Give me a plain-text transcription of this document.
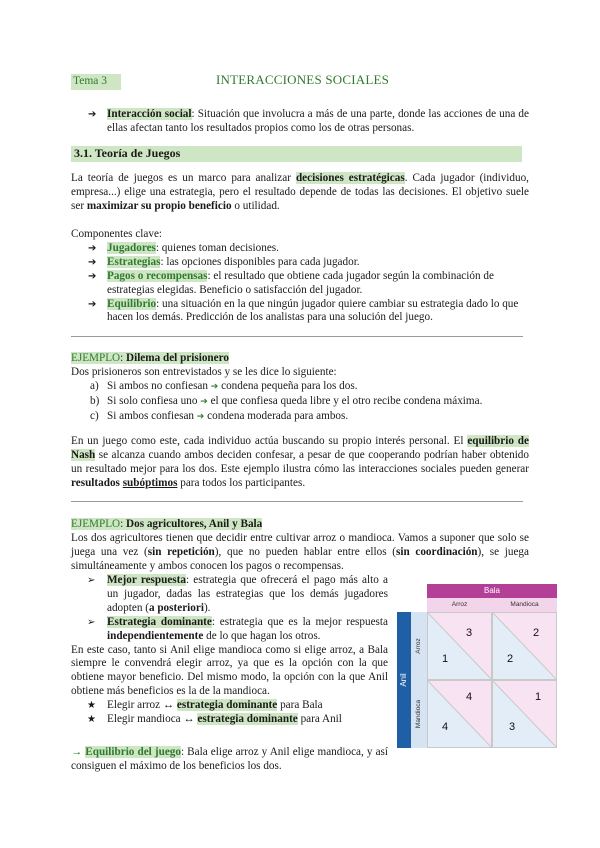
Tema 3	INTERACCIONES SOCIALES
➔ Interacción social: Situación que involucra a más de una parte, donde las acciones de una de ellas afectan tanto los resultados propios como los de otras personas.
3.1. Teoría de Juegos
La teoría de juegos es un marco para analizar decisiones estratégicas. Cada jugador (individuo, empresa...) elige una estrategia, pero el resultado depende de todas las decisiones. El objetivo suele ser maximizar su propio beneficio o utilidad.
Componentes clave:
➔ Jugadores: quienes toman decisiones.
➔ Estrategias: las opciones disponibles para cada jugador.
➔ Pagos o recompensas: el resultado que obtiene cada jugador según la combinación de estrategias elegidas. Beneficio o satisfacción del jugador.
➔ Equilibrio: una situación en la que ningún jugador quiere cambiar su estrategia dado lo que hacen los demás. Predicción de los analistas para una solución del juego.
EJEMPLO: Dilema del prisionero
Dos prisioneros son entrevistados y se les dice lo siguiente:
a) Si ambos no confiesan ➔ condena pequeña para los dos.
b) Si solo confiesa uno ➔ el que confiesa queda libre y el otro recibe condena máxima.
c) Si ambos confiesan ➔ condena moderada para ambos.
En un juego como este, cada individuo actúa buscando su propio interés personal. El equilibrio de Nash se alcanza cuando ambos deciden confesar, a pesar de que cooperando podrían haber obtenido un resultado mejor para los dos. Este ejemplo ilustra cómo las interacciones sociales pueden generar resultados subóptimos para todos los participantes.
EJEMPLO: Dos agricultores, Anil y Bala
Los dos agricultores tienen que decidir entre cultivar arroz o mandioca. Vamos a suponer que solo se juega una vez (sin repetición), que no pueden hablar entre ellos (sin coordinación), se juega simultáneamente y ambos conocen los pagos o recompensas.
➢ Mejor respuesta: estrategia que ofrecerá el pago más alto a un jugador, dadas las estrategias que los demás jugadores adopten (a posteriori).
➢ Estrategia dominante: estrategia que es la mejor respuesta independientemente de lo que hagan los otros.
En este caso, tanto si Anil elige mandioca como si elige arroz, a Bala siempre le convendrá elegir arroz, ya que es la opción con la que obtiene mayor beneficio. Del mismo modo, la opción con la que Anil obtiene más beneficios es la de la mandioca.
★ Elegir arroz ↔ estrategia dominante para Bala
★ Elegir mandioca ↔ estrategia dominante para Anil
→ Equilibrio del juego: Bala elige arroz y Anil elige mandioca, y así consiguen el máximo de los beneficios los dos.
Bala
Arroz	Mandioca
Anil
Arroz
Mandioca
3
1
2
2
4
4
1
3
